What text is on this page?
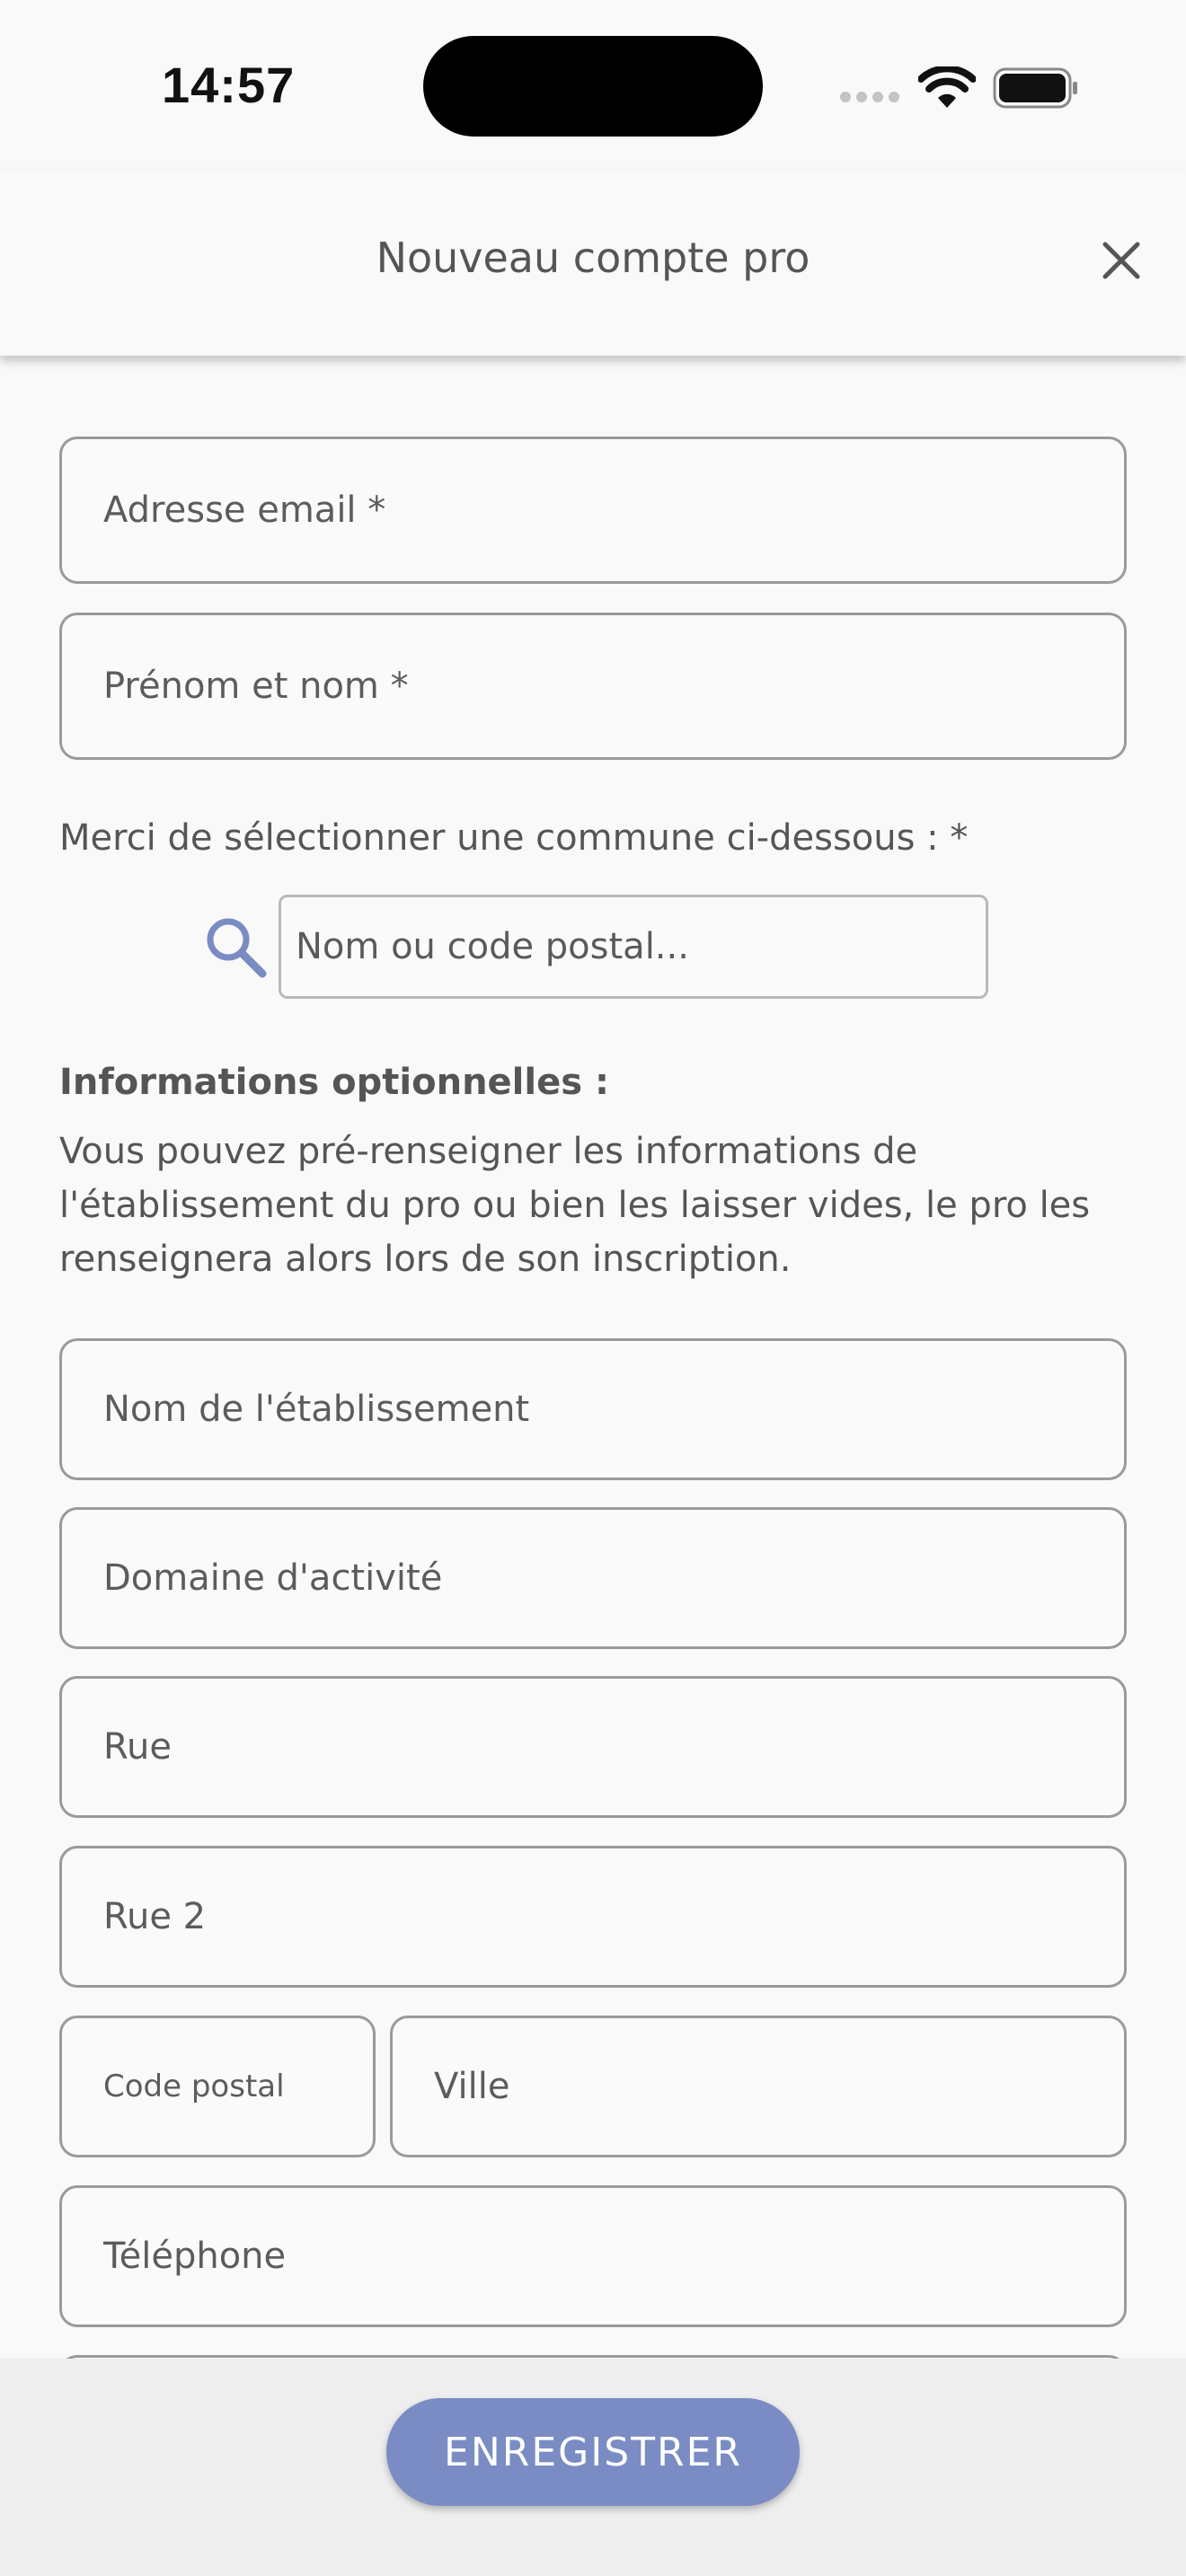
14:57
Nouveau compte pro
Adresse email *
Prénom et nom *
Merci de sélectionner une commune ci-dessous : *
Nom ou code postal...
Informations optionnelles :
Vous pouvez pré-renseigner les informations de l'établissement du pro ou bien les laisser vides, le pro les renseignera alors lors de son inscription.
Nom de l'établissement
Domaine d'activité
Rue
Rue 2
Code postal
Ville
Téléphone
ENREGISTRER
